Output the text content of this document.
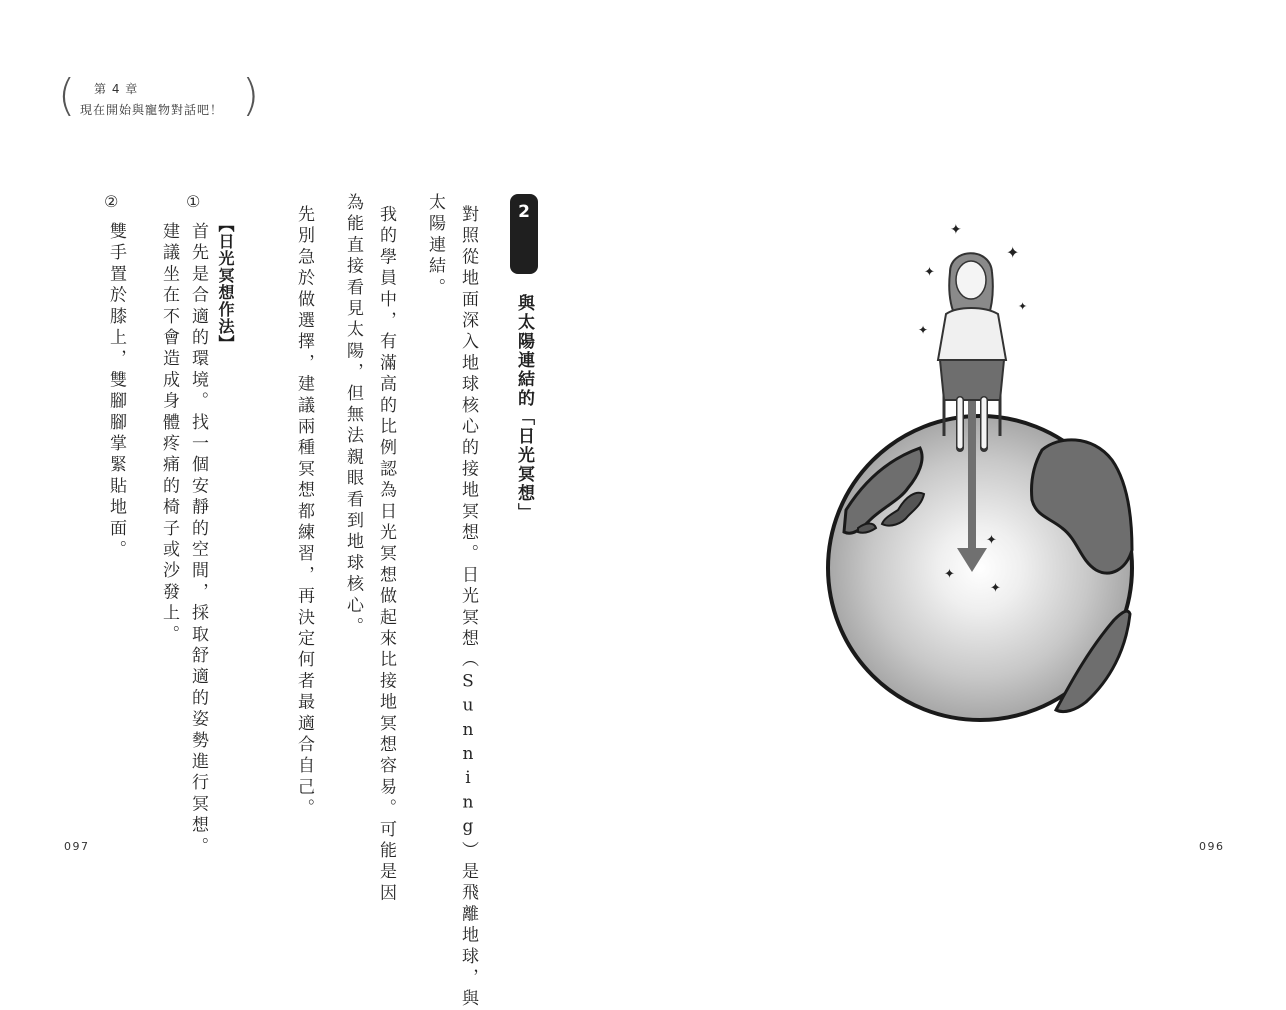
( 第 4 章
現在開始與寵物對話吧！ )
冥想法2
與太陽連結的「日光冥想」
對照從地面深入地球核心的接地冥想。日光冥想（Sunning）是飛離地球，與
太陽連結。
我的學員中，有滿高的比例認為日光冥想做起來比接地冥想容易。可能是因
為能直接看見太陽，但無法親眼看到地球核心。
先別急於做選擇，建議兩種冥想都練習，再決定何者最適合自己。
【日光冥想作法】
①
首先是合適的環境。找一個安靜的空間，採取舒適的姿勢進行冥想。
建議坐在不會造成身體疼痛的椅子或沙發上。
②
雙手置於膝上，雙腳腳掌緊貼地面。	✦
✦
✦
✦
✦
✦
✦
✦
097	096
